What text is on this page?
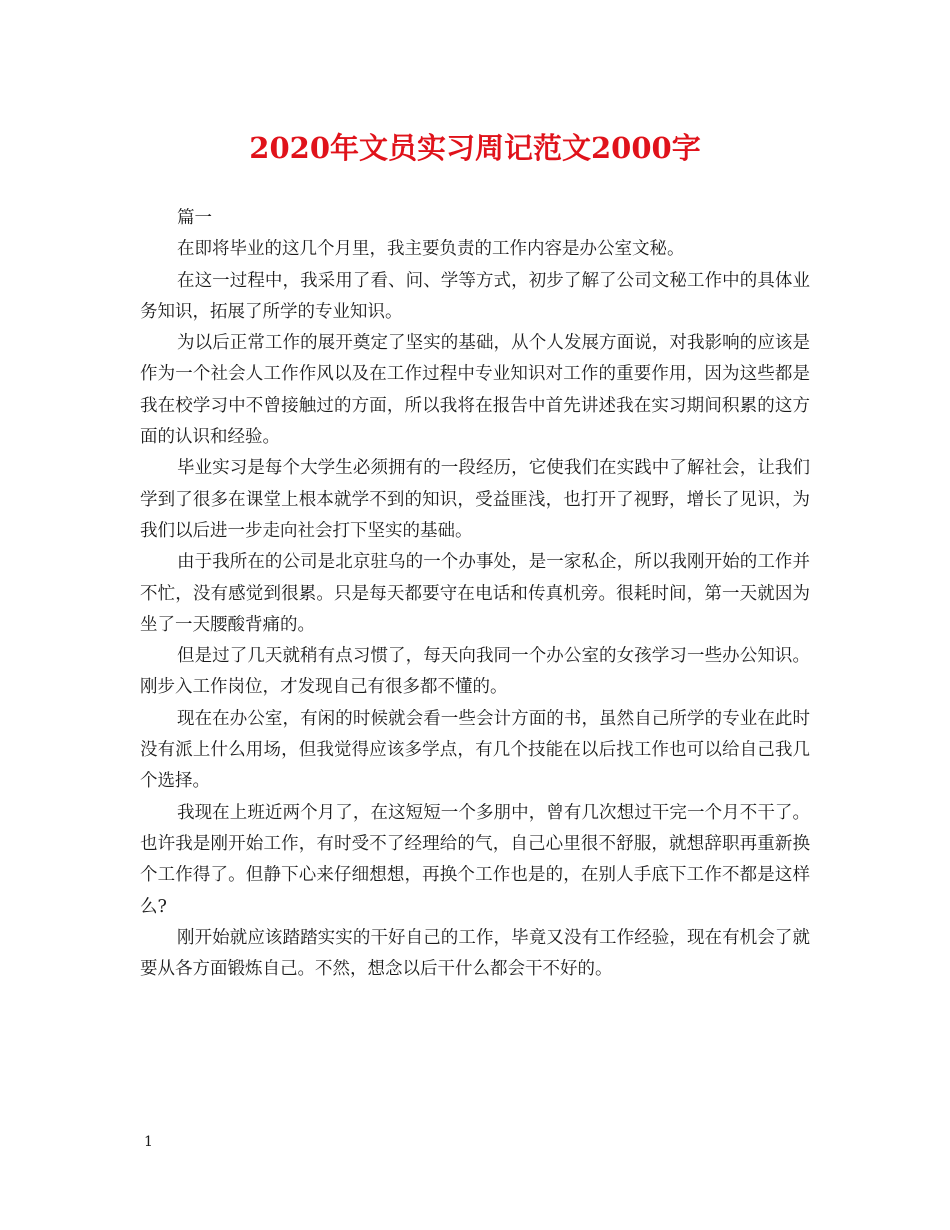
2020年文员实习周记范文2000字

篇一

在即将毕业的这几个月里，我主要负责的工作内容是办公室文秘。

在这一过程中，我采用了看、问、学等方式，初步了解了公司文秘工作中的具体业务知识，拓展了所学的专业知识。

为以后正常工作的展开奠定了坚实的基础，从个人发展方面说，对我影响的应该是作为一个社会人工作作风以及在工作过程中专业知识对工作的重要作用，因为这些都是我在校学习中不曾接触过的方面，所以我将在报告中首先讲述我在实习期间积累的这方面的认识和经验。

毕业实习是每个大学生必须拥有的一段经历，它使我们在实践中了解社会，让我们学到了很多在课堂上根本就学不到的知识，受益匪浅，也打开了视野，增长了见识，为我们以后进一步走向社会打下坚实的基础。

由于我所在的公司是北京驻乌的一个办事处，是一家私企，所以我刚开始的工作并不忙，没有感觉到很累。只是每天都要守在电话和传真机旁。很耗时间，第一天就因为坐了一天腰酸背痛的。

但是过了几天就稍有点习惯了，每天向我同一个办公室的女孩学习一些办公知识。刚步入工作岗位，才发现自己有很多都不懂的。

现在在办公室，有闲的时候就会看一些会计方面的书，虽然自己所学的专业在此时没有派上什么用场，但我觉得应该多学点，有几个技能在以后找工作也可以给自己我几个选择。

我现在上班近两个月了，在这短短一个多朋中，曾有几次想过干完一个月不干了。也许我是刚开始工作，有时受不了经理给的气，自己心里很不舒服，就想辞职再重新换个工作得了。但静下心来仔细想想，再换个工作也是的，在别人手底下工作不都是这样么?

刚开始就应该踏踏实实的干好自己的工作，毕竟又没有工作经验，现在有机会了就要从各方面锻炼自己。不然，想念以后干什么都会干不好的。

1
